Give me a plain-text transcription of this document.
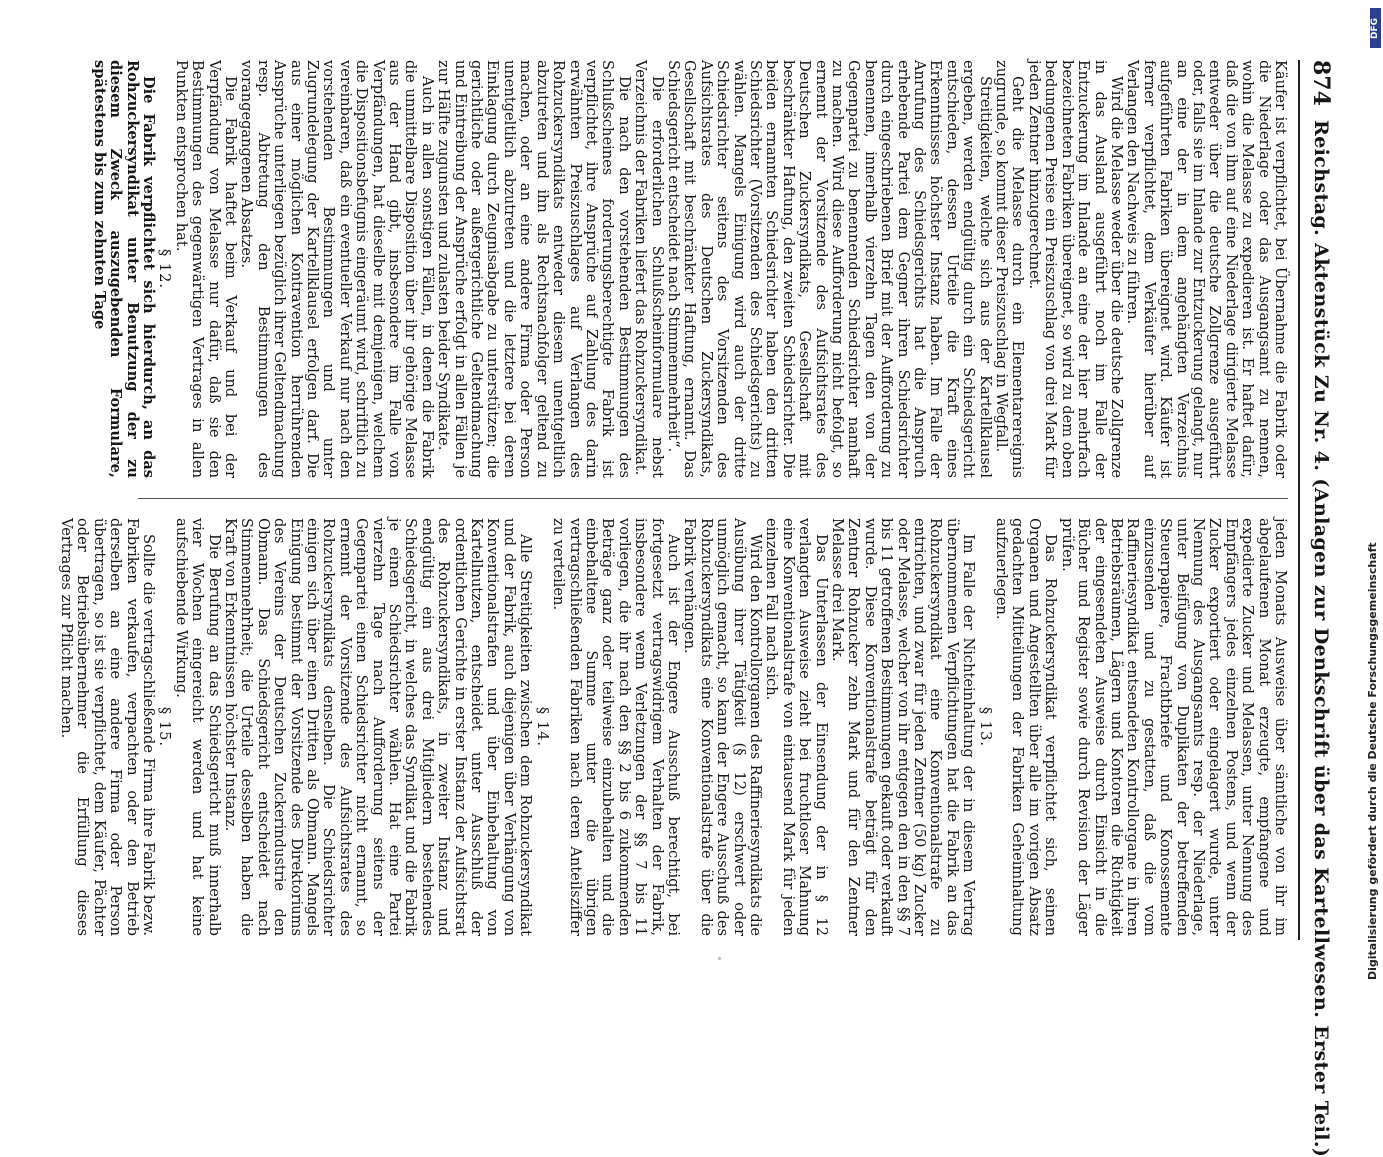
874
Reichstag. Aktenstück Zu Nr. 4. (Anlagen zur Denkschrift über das Kartellwesen. Erster Teil.)

Käufer ist verpflichtet, bei Übernahme die Fabrik oder die Niederlage oder das Ausgangsamt zu nennen, wohin die Melasse zu expedieren ist. Er haftet dafür, daß die von ihm auf eine Niederlage dirigierte Melasse entweder über die deutsche Zollgrenze ausgeführt oder, falls sie im Inlande zur Entzuckerung gelangt, nur an eine der in dem angehängten Verzeichnis aufgeführten Fabriken übereignet wird. Käufer ist ferner verpflichtet, dem Verkäufer hierüber auf Verlangen den Nachweis zu führen.

Wird die Melasse weder über die deutsche Zollgrenze in das Ausland ausgeführt noch im Falle der Entzuckerung im Inlande an eine der hier mehrfach bezeichneten Fabriken übereignet, so wird zu dem oben bedungenen Preise ein Preiszuschlag von drei Mark für jeden Zentner hinzugerechnet.

Geht die Melasse durch ein Elementarereignis zugrunde, so kommt dieser Preiszuschlag in Wegfall.

Streitigkeiten, welche sich aus der Kartellklausel ergeben, werden endgültig durch ein Schiedsgericht entschieden, dessen Urteile die Kraft eines Erkenntnisses höchster Instanz haben. Im Falle der Anrufung des Schiedsgerichts hat die Anspruch erhebende Partei dem Gegner ihren Schiedsrichter durch eingeschriebenen Brief mit der Aufforderung zu benennen, innerhalb vierzehn Tagen den von der Gegenpartei zu benennenden Schiedsrichter namhaft zu machen. Wird diese Aufforderung nicht befolgt, so ernennt der Vorsitzende des Aufsichtsrates des Deutschen Zuckersyndikats, Gesellschaft mit beschränkter Haftung, den zweiten Schiedsrichter. Die beiden ernannten Schiedsrichter haben den dritten Schiedsrichter (Vorsitzenden des Schiedsgerichts) zu wählen. Mangels Einigung wird auch der dritte Schiedsrichter seitens des Vorsitzenden des Aufsichtsrates des Deutschen Zuckersyndikats, Gesellschaft mit beschränkter Haftung, ernannt. Das Schiedsgericht entscheidet nach Stimmenmehrheit“.

Die erforderlichen Schlußscheinformulare nebst Verzeichnis der Fabriken liefert das Rohzuckersyndikat.

Die nach den vorstehenden Bestimmungen des Schlußscheines forderungsberechtigte Fabrik ist verpflichtet, ihre Ansprüche auf Zahlung des darin erwähnten Preiszuschlages auf Verlangen des Rohzuckersyndikats entweder diesem unentgeltlich abzutreten und ihn als Rechtsnachfolger geltend zu machen, oder an eine andere Firma oder Person unentgeltlich abzutreten und die letztere bei deren Einklagung durch Zeugnisabgabe zu unterstützen; die gerichtliche oder außergerichtliche Geltendmachung und Eintreibung der Ansprüche erfolgt in allen Fällen je zur Hälfte zugunsten und zulasten beider Syndikate.

Auch in allen sonstigen Fällen, in denen die Fabrik die unmittelbare Disposition über ihr gehörige Melasse aus der Hand gibt, insbesondere im Falle von Verpfändungen, hat dieselbe mit demjenigen, welchem die Dispositionsbefugnis eingeräumt wird, schriftlich zu vereinbaren, daß ein eventueller Verkauf nur nach den vorstehenden Bestimmungen und unter Zugrundelegung der Kartellklausel erfolgen darf. Die aus einer möglichen Kontravention herrührenden Ansprüche unterliegen bezüglich ihrer Geltendmachung resp. Abtretung den Bestimmungen des vorangegangenen Absatzes.

Die Fabrik haftet beim Verkauf und bei der Verpfändung von Melasse nur dafür, daß sie den Bestimmungen des gegenwärtigen Vertrages in allen Punkten entsprochen hat.

§ 12.

Die Fabrik verpflichtet sich hierdurch, an das Rohzuckersyndikat unter Benutzung der zu diesem Zweck auszugebenden Formulare, spätestens bis zum zehnten Tage

jeden Monats Ausweise über sämtliche von ihr im abgelaufenen Monat erzeugte, empfangene und expedierte Zucker und Melassen, unter Nennung des Empfängers jedes einzelnen Postens, und wenn der Zucker exportiert oder eingelagert wurde, unter Nennung des Ausgangsamts resp. der Niederlage, unter Beifügung von Duplikaten der betreffenden Steuerpapiere, Frachtbriefe und Konossemente einzusenden und zu gestatten, daß die vom Raffineriesyndikat entsendeten Kontrollorgane in ihren Betriebsräumen, Lägern und Kontoren die Richtigkeit der eingesendeten Ausweise durch Einsicht in die Bücher und Register sowie durch Revision der Läger prüfen.

Das Rohzuckersyndikat verpflichtet sich, seinen Organen und Angestellten über alle im vorigen Absatz gedachten Mitteilungen der Fabriken Geheimhaltung aufzuerlegen.

§ 13.

Im Falle der Nichteinhaltung der in diesem Vertrag übernommenen Verpflichtungen hat die Fabrik an das Rohzuckersyndikat eine Konventionalstrafe zu entrichten, und zwar für jeden Zentner (50 kg) Zucker oder Melasse, welcher von ihr entgegen den in den §§ 7 bis 11 getroffenen Bestimmungen gekauft oder verkauft wurde. Diese Konventionalstrafe beträgt für den Zentner Rohzucker zehn Mark und für den Zentner Melasse drei Mark.

Das Unterlassen der Einsendung der in § 12 verlangten Ausweise zieht bei fruchtloser Mahnung eine Konventionalstrafe von eintausend Mark für jeden einzelnen Fall nach sich.

Wird den Kontrollorganen des Raffineriesyndikats die Ausübung ihrer Tätigkeit (§ 12) erschwert oder unmöglich gemacht, so kann der Engere Ausschuß des Rohzuckersyndikats eine Konventionalstrafe über die Fabrik verhängen.

Auch ist der Engere Ausschuß berechtigt, bei fortgesetzt vertragswidrigem Verhalten der Fabrik, insbesondere wenn Verletzungen der §§ 7 bis 11 vorliegen, die ihr nach den §§ 2 bis 6 zukommenden Beträge ganz oder teilweise einzubehalten und die einbehaltene Summe unter die übrigen vertragschließenden Fabriken nach deren Anteilsziffer zu verteilen.

§ 14.

Alle Streitigkeiten zwischen dem Rohzuckersyndikat und der Fabrik, auch diejenigen über Verhängung von Konventionalstrafen und über Einbehaltung von Kartellnutzen, entscheidet unter Ausschluß der ordentlichen Gerichte in erster Instanz der Aufsichtsrat des Rohzuckersyndikats, in zweiter Instanz und endgültig ein aus drei Mitgliedern bestehendes Schiedsgericht, in welches das Syndikat und die Fabrik je einen Schiedsrichter wählen. Hat eine Partei vierzehn Tage nach Aufforderung seitens der Gegenpartei einen Schiedsrichter nicht ernannt, so ernennt der Vorsitzende des Aufsichtsrates des Rohzuckersyndikats denselben. Die Schiedsrichter einigen sich über einen Dritten als Obmann. Mangels Einigung bestimmt der Vorsitzende des Direktoriums des Vereins der Deutschen Zuckerindustrie den Obmann. Das Schiedsgericht entscheidet nach Stimmenmehrheit; die Urteile desselben haben die Kraft von Erkenntnissen höchster Instanz.

Die Berufung an das Schiedsgericht muß innerhalb vier Wochen eingereicht werden und hat keine aufschiebende Wirkung.

§ 15.

Sollte die vertragschließende Firma ihre Fabrik bezw. Fabriken verkaufen, verpachten oder den Betrieb derselben an eine andere Firma oder Person übertragen, so ist sie verpflichtet, dem Käufer, Pächter oder Betriebsübernehmer die Erfüllung dieses Vertrages zur Pflicht machen.	Digitalisierung gefördert durch die Deutsche Forschungsgemeinschaft
DFG
